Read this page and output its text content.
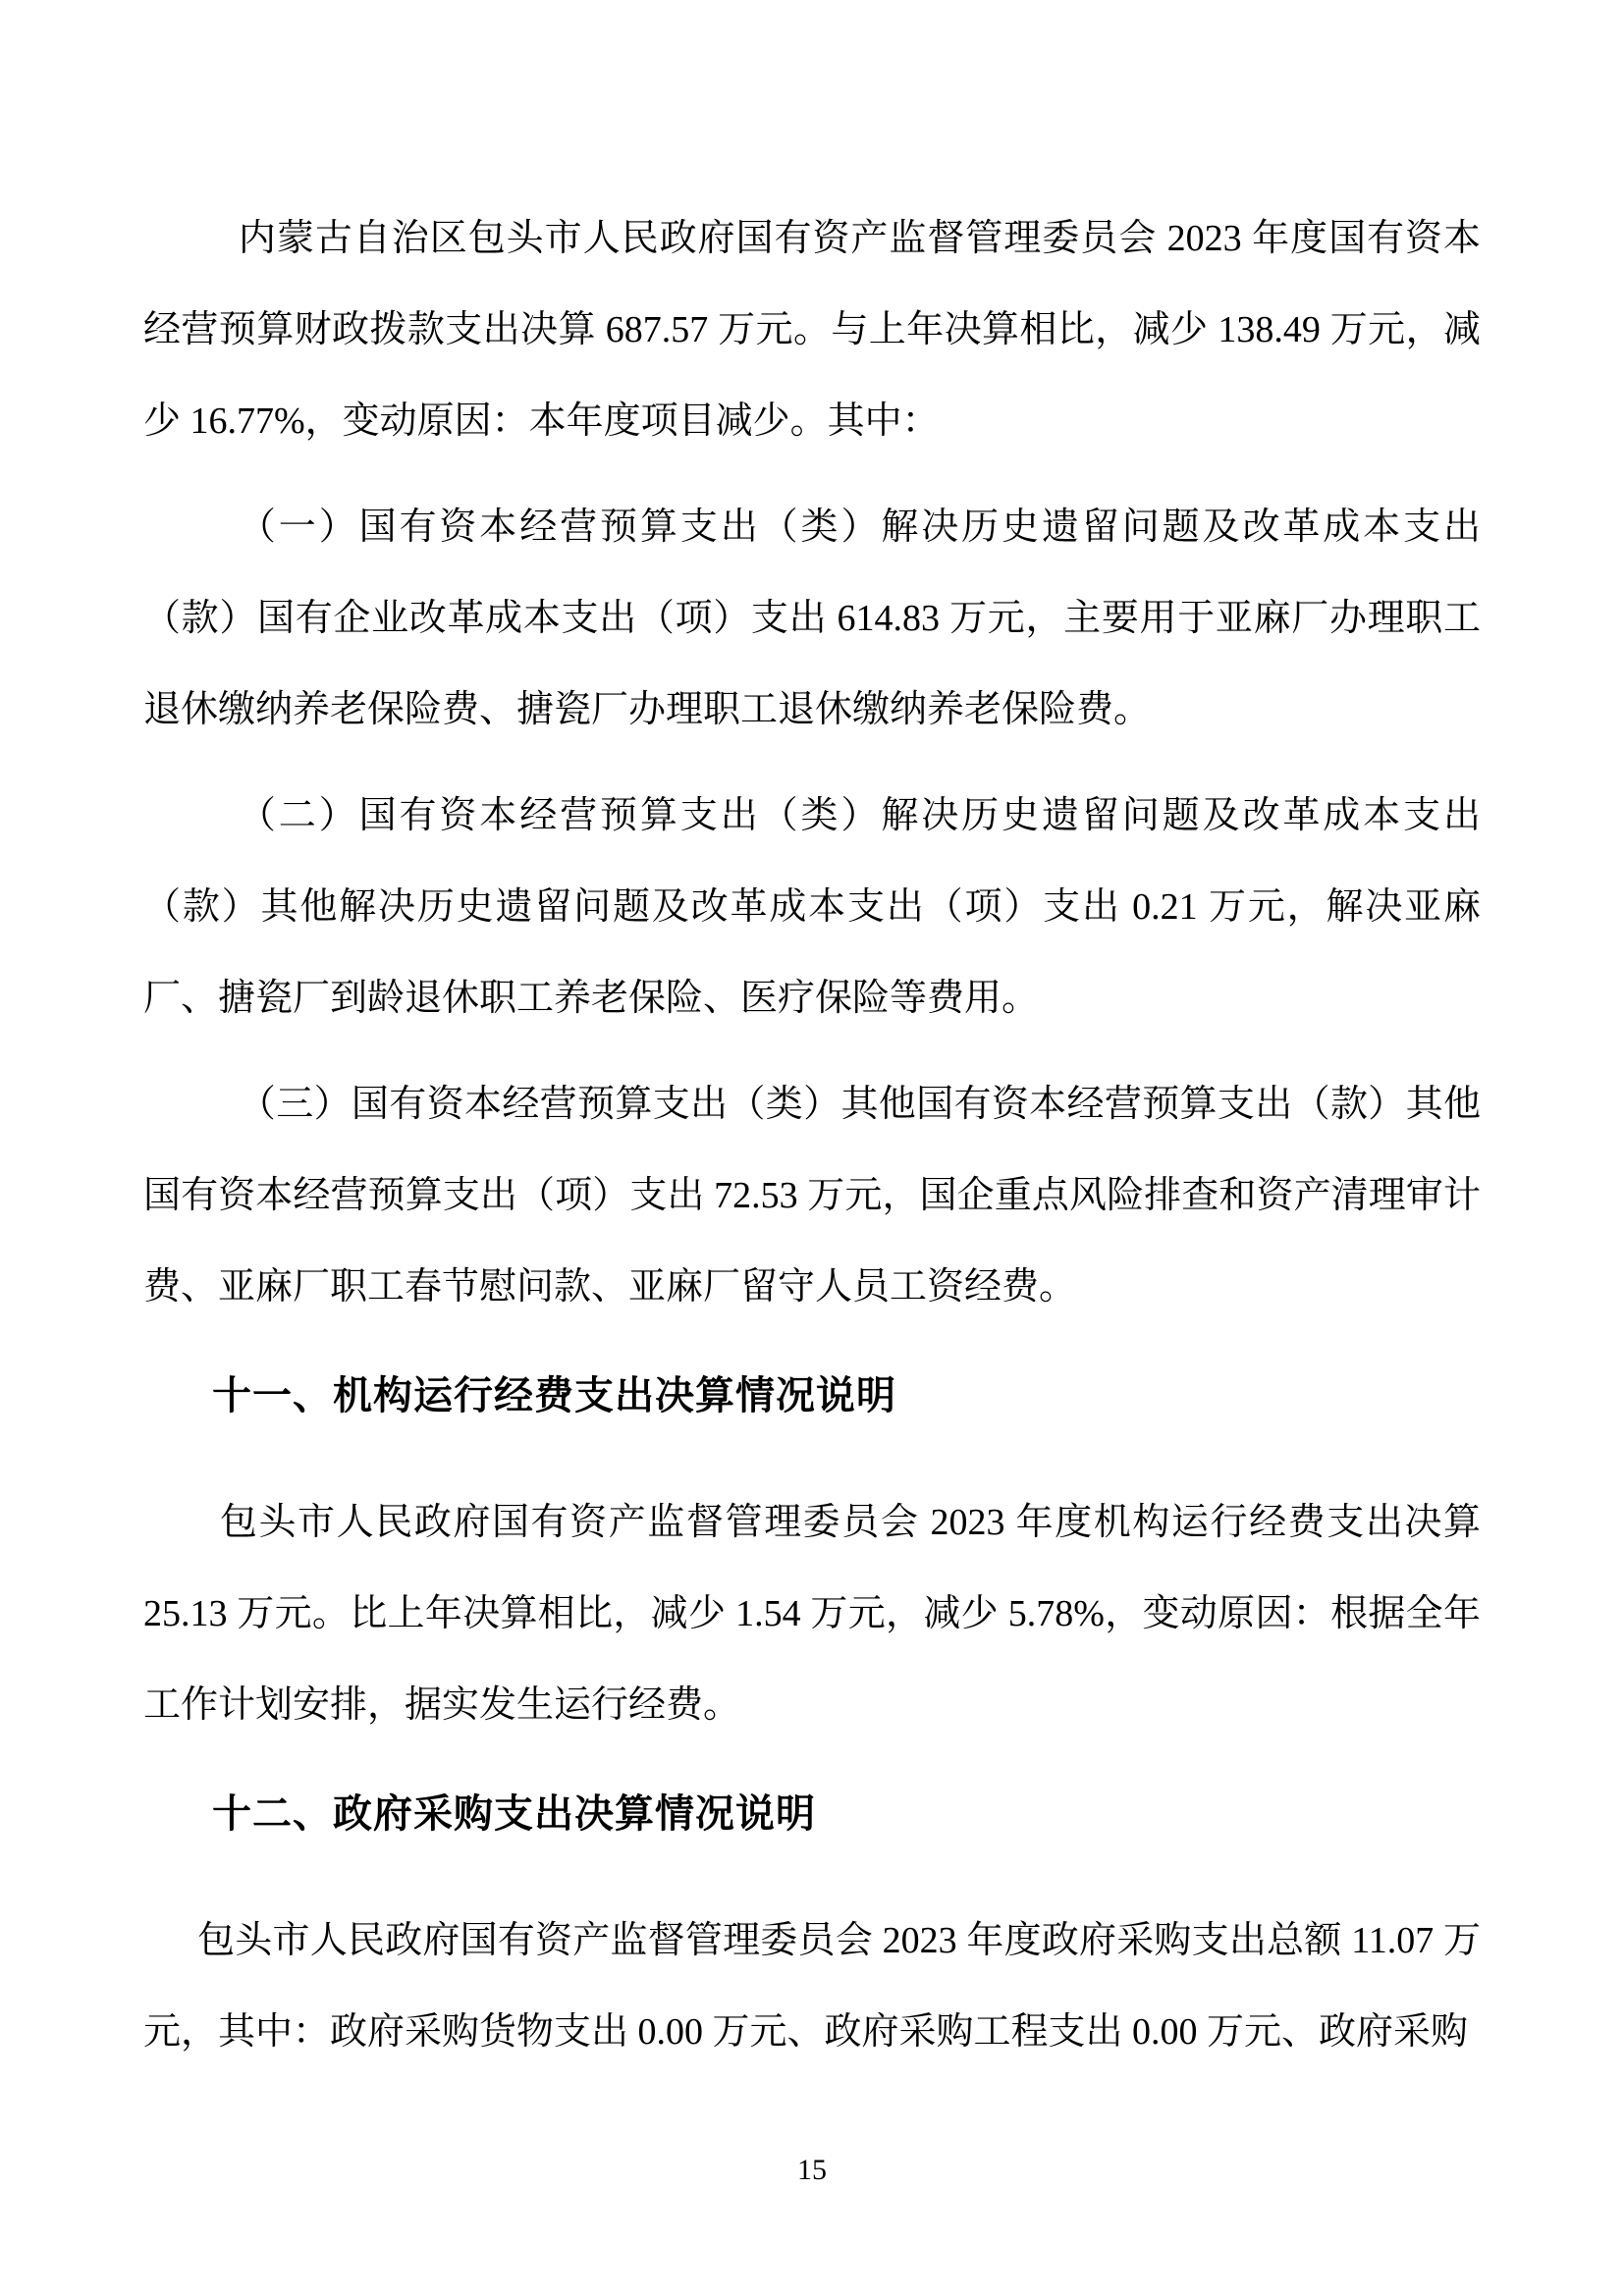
内蒙古自治区包头市人民政府国有资产监督管理委员会 2023 年度国有资本经营预算财政拨款支出决算 687.57 万元。与上年决算相比，减少 138.49 万元，减少 16.77%，变动原因：本年度项目减少。其中：

（一）国有资本经营预算支出（类）解决历史遗留问题及改革成本支出（款）国有企业改革成本支出（项）支出 614.83 万元，主要用于亚麻厂办理职工退休缴纳养老保险费、搪瓷厂办理职工退休缴纳养老保险费。

（二）国有资本经营预算支出（类）解决历史遗留问题及改革成本支出（款）其他解决历史遗留问题及改革成本支出（项）支出 0.21 万元，解决亚麻厂、搪瓷厂到龄退休职工养老保险、医疗保险等费用。

（三）国有资本经营预算支出（类）其他国有资本经营预算支出（款）其他国有资本经营预算支出（项）支出 72.53 万元，国企重点风险排查和资产清理审计费、亚麻厂职工春节慰问款、亚麻厂留守人员工资经费。

十一、机构运行经费支出决算情况说明

包头市人民政府国有资产监督管理委员会 2023 年度机构运行经费支出决算 25.13 万元。比上年决算相比，减少 1.54 万元，减少 5.78%，变动原因：根据全年工作计划安排，据实发生运行经费。

十二、政府采购支出决算情况说明

包头市人民政府国有资产监督管理委员会 2023 年度政府采购支出总额 11.07 万元，其中：政府采购货物支出 0.00 万元、政府采购工程支出 0.00 万元、政府采购

15
